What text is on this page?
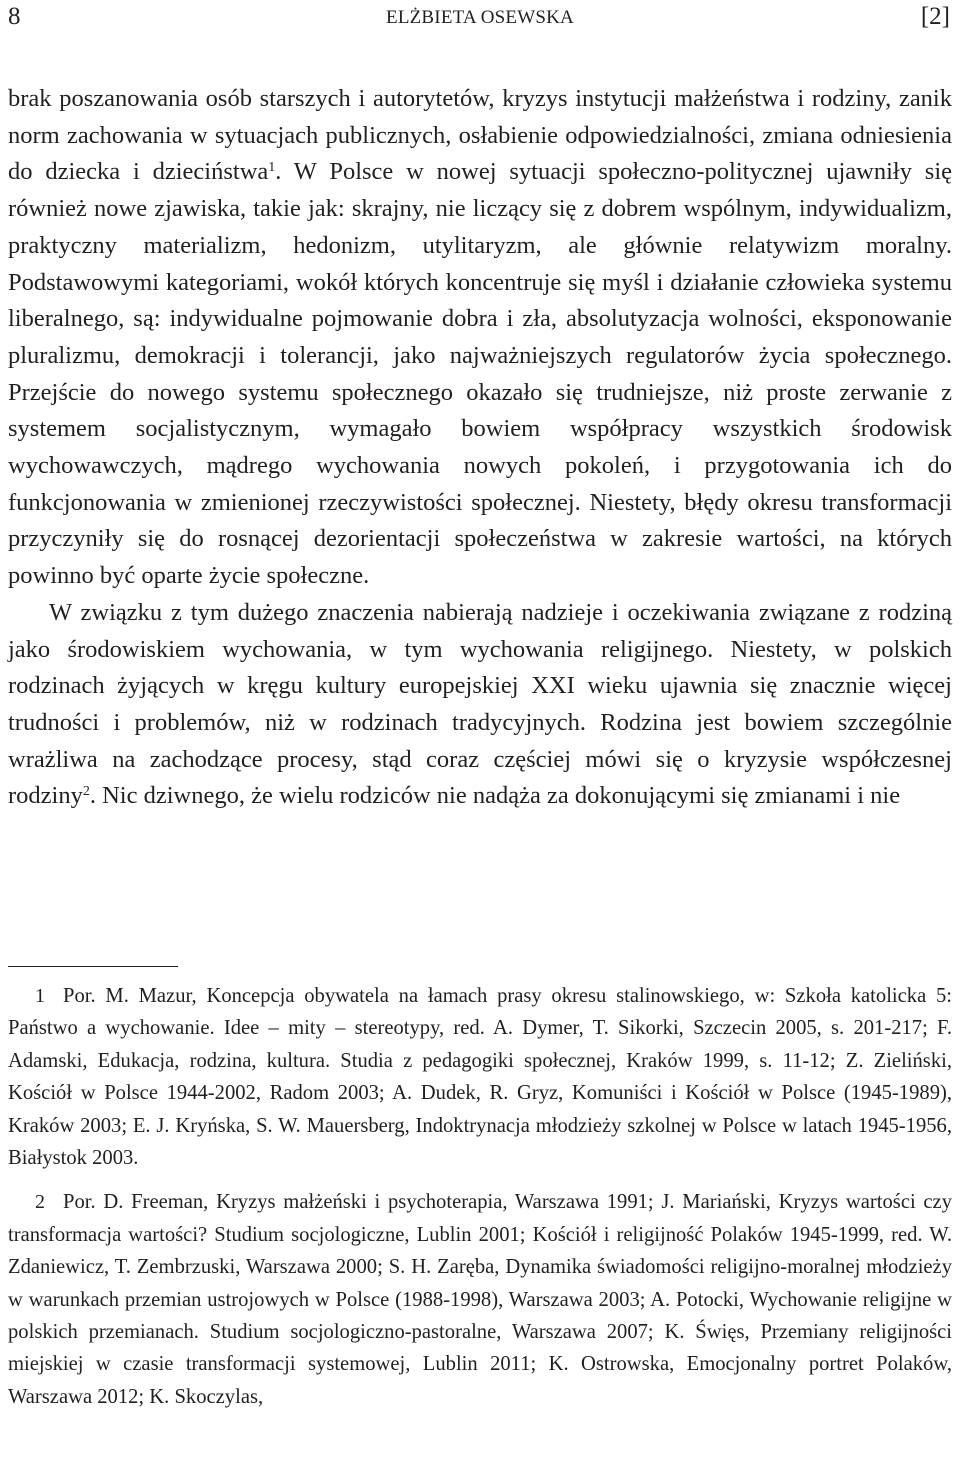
8	ELŻBIETA OSEWSKA	[2]

brak poszanowania osób starszych i autorytetów, kryzys instytucji małżeństwa i rodziny, zanik norm zachowania w sytuacjach publicznych, osłabienie odpowiedzialności, zmiana odniesienia do dziecka i dzieciństwa$^1$. W Polsce w nowej sytuacji społeczno-politycznej ujawniły się również nowe zjawiska, takie jak: skrajny, nie liczący się z dobrem wspólnym, indywidualizm, praktyczny materializm, hedonizm, utylitaryzm, ale głównie relatywizm moralny. Podstawowymi kategoriami, wokół których koncentruje się myśl i działanie człowieka systemu liberalnego, są: indywidualne pojmowanie dobra i zła, absolutyzacja wolności, eksponowanie pluralizmu, demokracji i tolerancji, jako najważniejszych regulatorów życia społecznego. Przejście do nowego systemu społecznego okazało się trudniejsze, niż proste zerwanie z systemem socjalistycznym, wymagało bowiem współpracy wszystkich środowisk wychowawczych, mądrego wychowania nowych pokoleń, i przygotowania ich do funkcjonowania w zmienionej rzeczywistości społecznej. Niestety, błędy okresu transformacji przyczyniły się do rosnącej dezorientacji społeczeństwa w zakresie wartości, na których powinno być oparte życie społeczne.

W związku z tym dużego znaczenia nabierają nadzieje i oczekiwania związane z rodziną jako środowiskiem wychowania, w tym wychowania religijnego. Niestety, w polskich rodzinach żyjących w kręgu kultury europejskiej XXI wieku ujawnia się znacznie więcej trudności i problemów, niż w rodzinach tradycyjnych. Rodzina jest bowiem szczególnie wrażliwa na zachodzące procesy, stąd coraz częściej mówi się o kryzysie współczesnej rodziny$^2$. Nic dziwnego, że wielu rodziców nie nadąża za dokonującymi się zmianami i nie

1 Por. M. Mazur, Koncepcja obywatela na łamach prasy okresu stalinowskiego, w: Szkoła katolicka 5: Państwo a wychowanie. Idee – mity – stereotypy, red. A. Dymer, T. Sikorki, Szczecin 2005, s. 201-217; F. Adamski, Edukacja, rodzina, kultura. Studia z pedagogiki społecznej, Kraków 1999, s. 11-12; Z. Zieliński, Kościół w Polsce 1944-2002, Radom 2003; A. Dudek, R. Gryz, Komuniści i Kościół w Polsce (1945-1989), Kraków 2003; E. J. Kryńska, S. W. Mauersberg, Indoktrynacja młodzieży szkolnej w Polsce w latach 1945-1956, Białystok 2003.

2 Por. D. Freeman, Kryzys małżeński i psychoterapia, Warszawa 1991; J. Mariański, Kryzys wartości czy transformacja wartości? Studium socjologiczne, Lublin 2001; Kościół i religijność Polaków 1945-1999, red. W. Zdaniewicz, T. Zembrzuski, Warszawa 2000; S. H. Zaręba, Dynamika świadomości religijno-moralnej młodzieży w warunkach przemian ustrojowych w Polsce (1988-1998), Warszawa 2003; A. Potocki, Wychowanie religijne w polskich przemianach. Studium socjologiczno-pastoralne, Warszawa 2007; K. Święs, Przemiany religijności miejskiej w czasie transformacji systemowej, Lublin 2011; K. Ostrowska, Emocjonalny portret Polaków, Warszawa 2012; K. Skoczylas,
